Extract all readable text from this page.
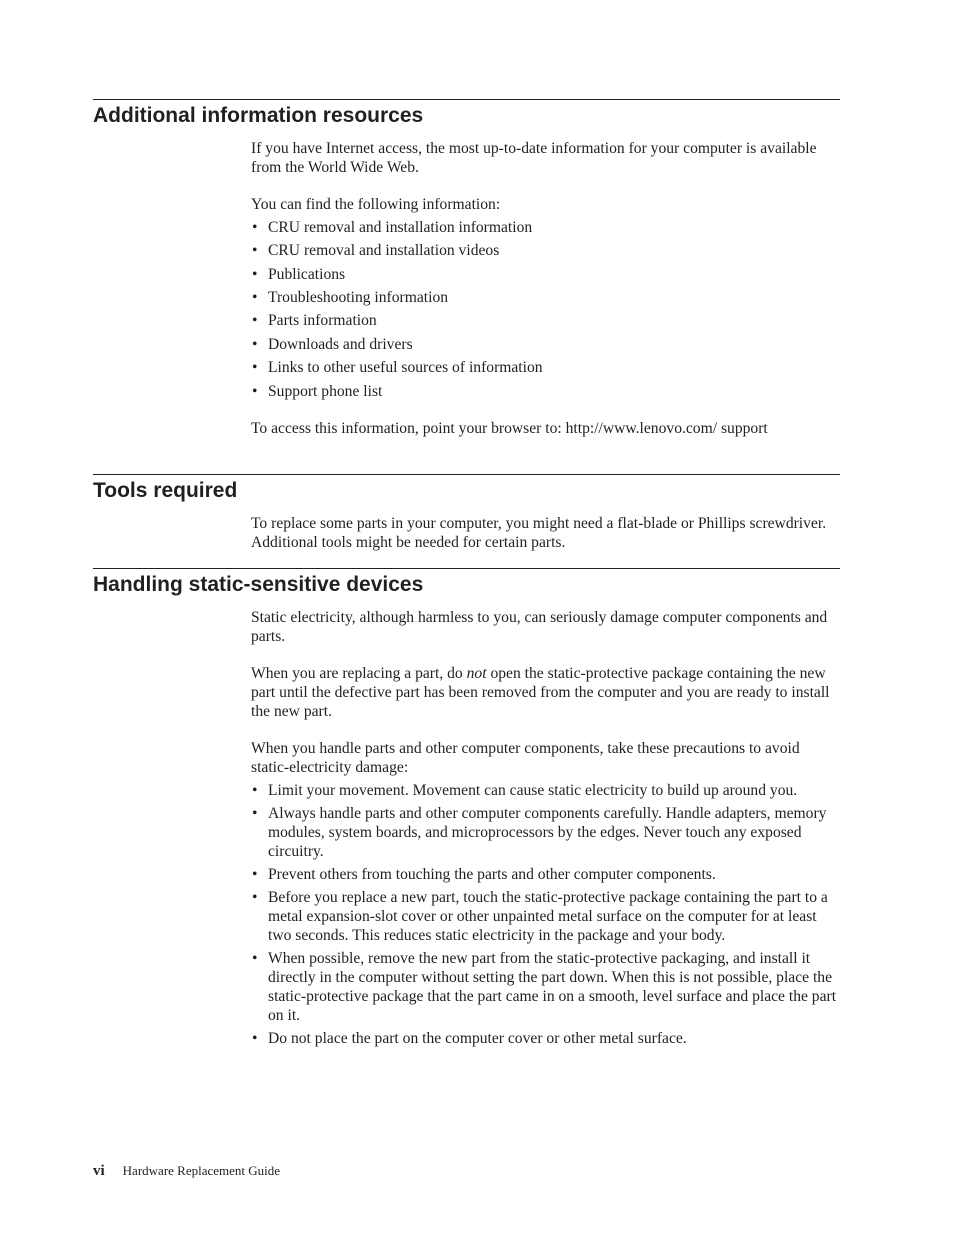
Additional information resources

If you have Internet access, the most up-to-date information for your computer is available from the World Wide Web.

You can find the following information:

• CRU removal and installation information
• CRU removal and installation videos
• Publications
• Troubleshooting information
• Parts information
• Downloads and drivers
• Links to other useful sources of information
• Support phone list

To access this information, point your browser to: http://www.lenovo.com/ support

Tools required

To replace some parts in your computer, you might need a flat-blade or Phillips screwdriver. Additional tools might be needed for certain parts.

Handling static-sensitive devices

Static electricity, although harmless to you, can seriously damage computer components and parts.

When you are replacing a part, do not open the static-protective package containing the new part until the defective part has been removed from the computer and you are ready to install the new part.

When you handle parts and other computer components, take these precautions to avoid static-electricity damage:

• Limit your movement. Movement can cause static electricity to build up around you.
• Always handle parts and other computer components carefully. Handle adapters, memory modules, system boards, and microprocessors by the edges. Never touch any exposed circuitry.
• Prevent others from touching the parts and other computer components.
• Before you replace a new part, touch the static-protective package containing the part to a metal expansion-slot cover or other unpainted metal surface on the computer for at least two seconds. This reduces static electricity in the package and your body.
• When possible, remove the new part from the static-protective packaging, and install it directly in the computer without setting the part down. When this is not possible, place the static-protective package that the part came in on a smooth, level surface and place the part on it.
• Do not place the part on the computer cover or other metal surface.
vi Hardware Replacement Guide
